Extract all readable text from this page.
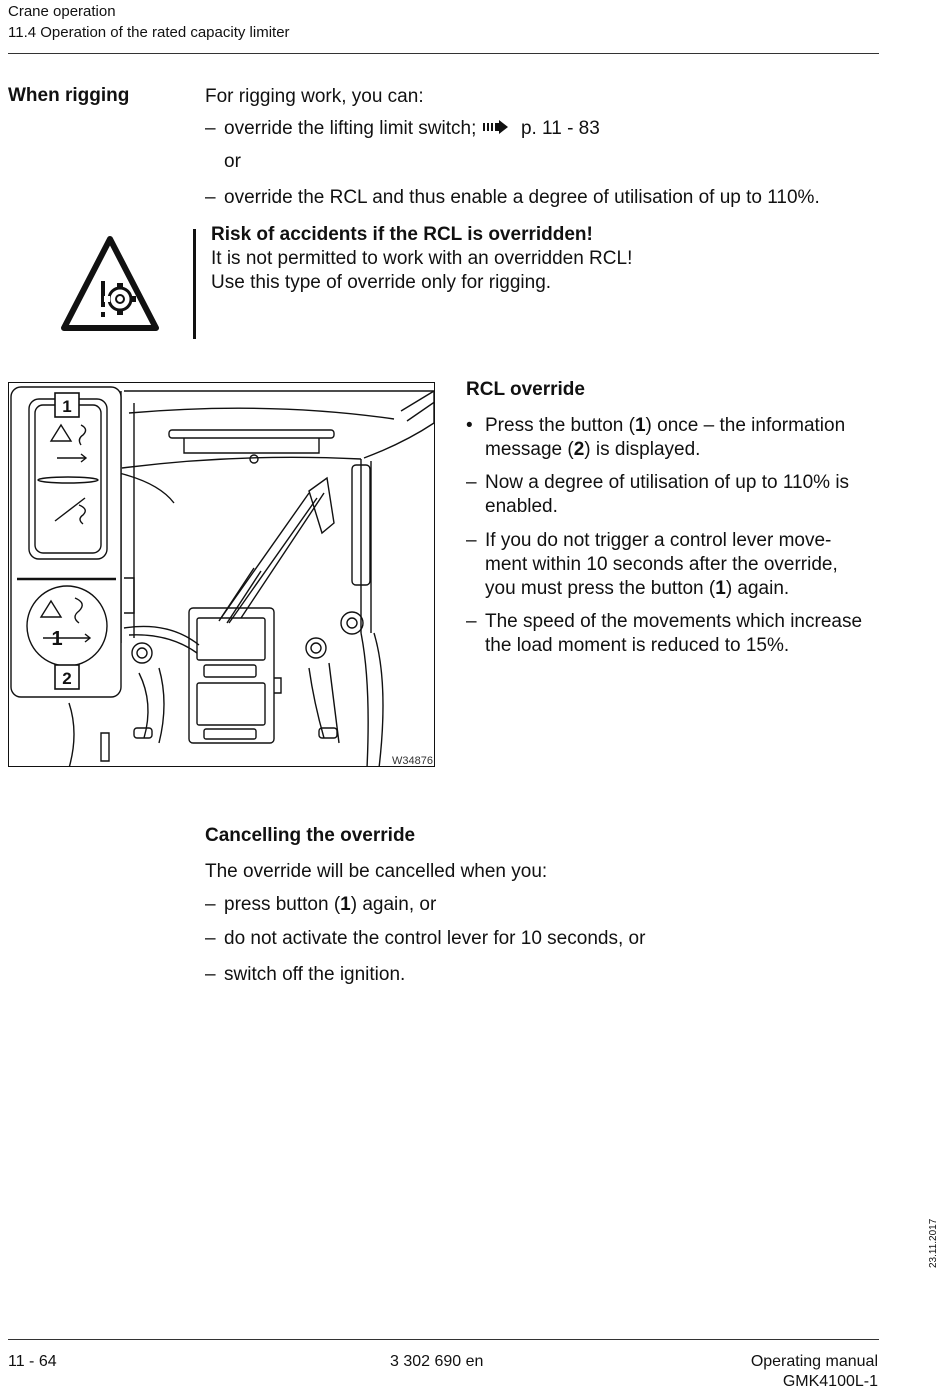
Crane operation
11.4 Operation of the rated capacity limiter
When rigging	For rigging work, you can:
– override the lifting limit switch; p. 11 - 83
or
– override the RCL and thus enable a degree of utilisation of up to 110%.
Risk of accidents if the RCL is overridden!
It is not permitted to work with an overridden RCL!
Use this type of override only for rigging.
1
2
1
W34876
RCL override
• Press the button (1) once – the information
message (2) is displayed.
– Now a degree of utilisation of up to 110% is
enabled.
– If you do not trigger a control lever move-
ment within 10 seconds after the override,
you must press the button (1) again.
– The speed of the movements which increase
the load moment is reduced to 15%.
Cancelling the override
The override will be cancelled when you:
– press button (1) again, or
– do not activate the control lever for 10 seconds, or
– switch off the ignition.
23.11.2017
11 - 64	3 302 690 en	Operating manual
GMK4100L-1
